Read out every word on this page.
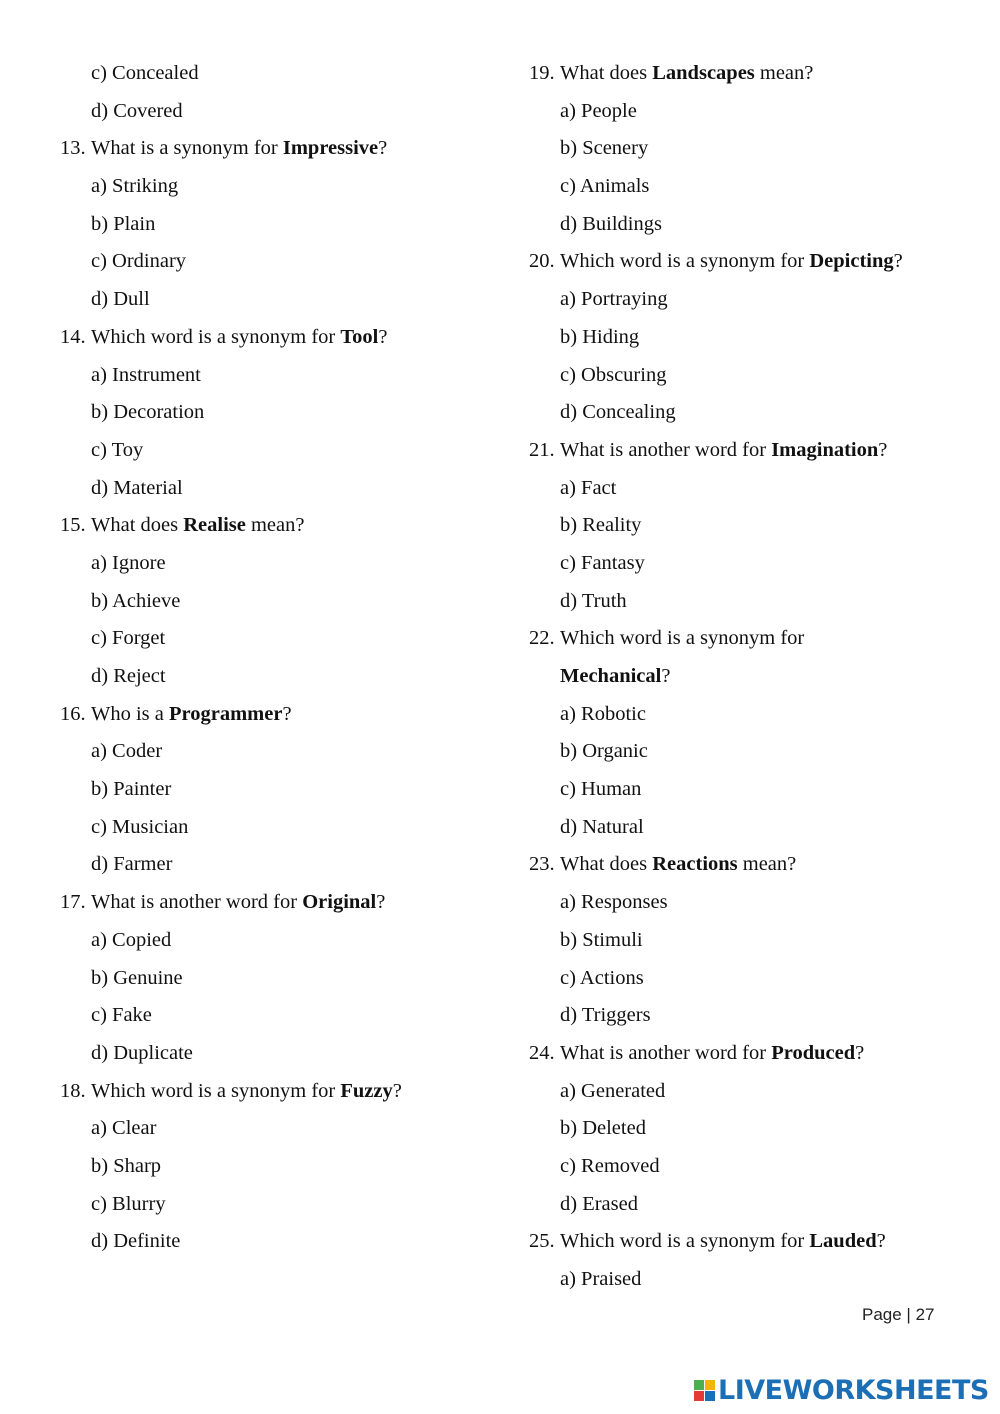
c) Concealed
d) Covered
13. What is a synonym for Impressive?
a) Striking
b) Plain
c) Ordinary
d) Dull
14. Which word is a synonym for Tool?
a) Instrument
b) Decoration
c) Toy
d) Material
15. What does Realise mean?
a) Ignore
b) Achieve
c) Forget
d) Reject
16. Who is a Programmer?
a) Coder
b) Painter
c) Musician
d) Farmer
17. What is another word for Original?
a) Copied
b) Genuine
c) Fake
d) Duplicate
18. Which word is a synonym for Fuzzy?
a) Clear
b) Sharp
c) Blurry
d) Definite
19. What does Landscapes mean?
a) People
b) Scenery
c) Animals
d) Buildings
20. Which word is a synonym for Depicting?
a) Portraying
b) Hiding
c) Obscuring
d) Concealing
21. What is another word for Imagination?
a) Fact
b) Reality
c) Fantasy
d) Truth
22. Which word is a synonym for
Mechanical?
a) Robotic
b) Organic
c) Human
d) Natural
23. What does Reactions mean?
a) Responses
b) Stimuli
c) Actions
d) Triggers
24. What is another word for Produced?
a) Generated
b) Deleted
c) Removed
d) Erased
25. Which word is a synonym for Lauded?
a) Praised
Page | 27
LIVEWORKSHEETS
